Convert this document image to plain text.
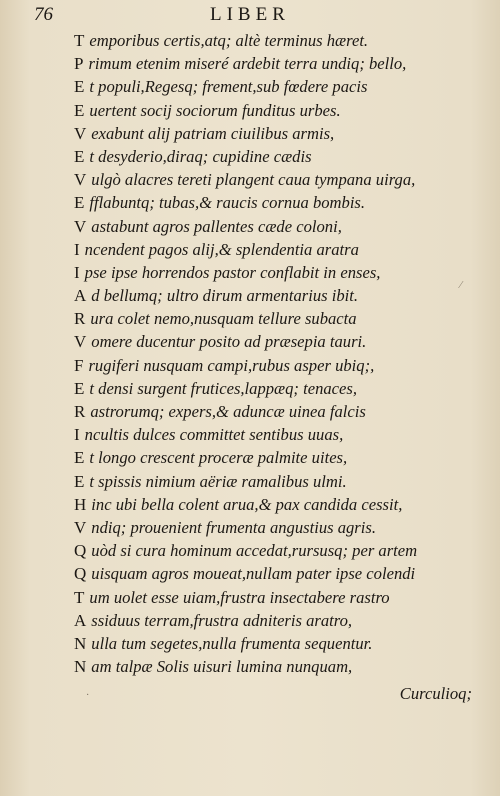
76	LIBER
T emporibus certis,atq; altè terminus hæret.
P rimum etenim miseré ardebit terra undiq; bello,
E t populi,Regesq; frement,sub fœdere pacis
E uertent socij sociorum funditus urbes.
V exabunt alij patriam ciuilibus armis,
E t desyderio,diraq; cupidine cædis
V ulgò alacres tereti plangent caua tympana uirga,
E fflabuntq; tubas,& raucis cornua bombis.
V astabunt agros pallentes cæde coloni,
I ncendent pagos alij,& splendentia aratra
I pse ipse horrendos pastor conflabit in enses,
A d bellumq; ultro dirum armentarius ibit.
R ura colet nemo,nusquam tellure subacta
V omere ducentur posito ad præsepia tauri.
F rugiferi nusquam campi,rubus asper ubiq;,
E t densi surgent frutices,lappæq; tenaces,
R astrorumq; expers,& aduncæ uinea falcis
I ncultis dulces committet sentibus uuas,
E t longo crescent proceræ palmite uites,
E t spissis nimium aëriæ ramalibus ulmi.
H inc ubi bella colent arua,& pax candida cessit,
V ndiq; prouenient frumenta angustius agris.
Q uòd si cura hominum accedat,rursusq; per artem
Q uisquam agros moueat,nullam pater ipse colendi
T um uolet esse uiam,frustra insectabere rastro
A ssiduus terram,frustra adniteris aratro,
N ulla tum segetes,nulla frumenta sequentur.
N am talpæ Solis uisuri lumina nunquam,
Curculioq;
⁄
·
